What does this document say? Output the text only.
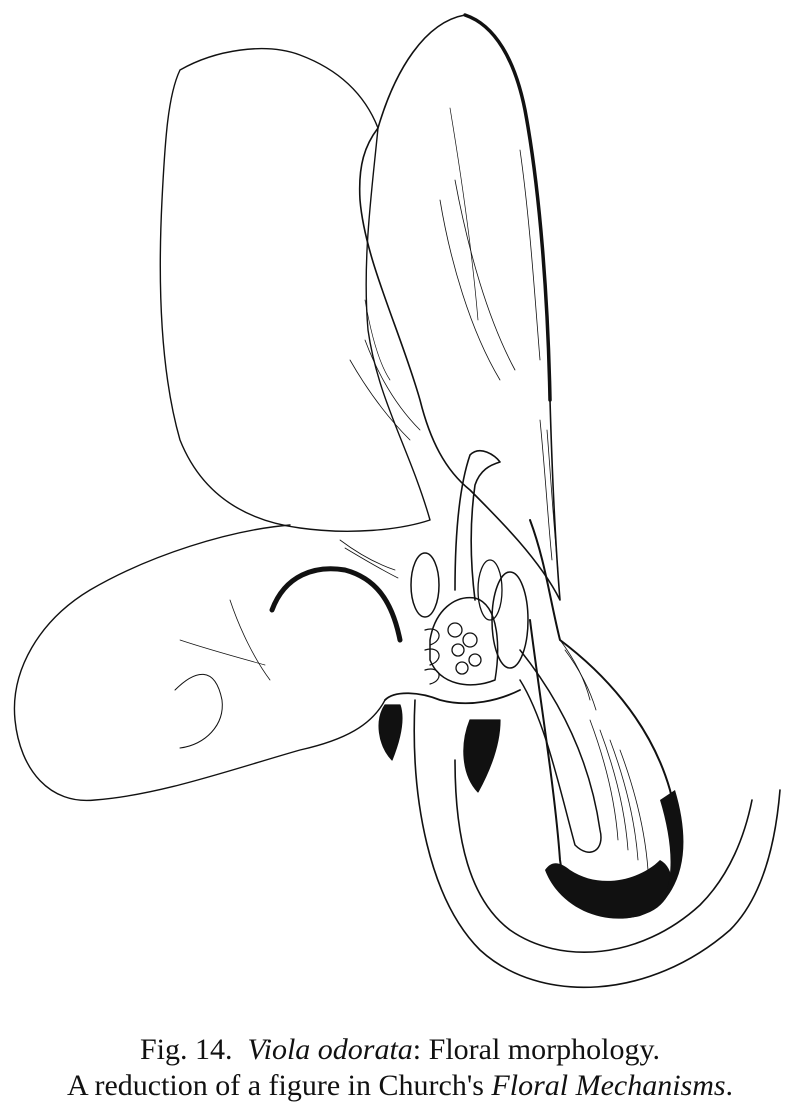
Fig. 14. Viola odorata: Floral morphology.
A reduction of a figure in Church's Floral Mechanisms.
